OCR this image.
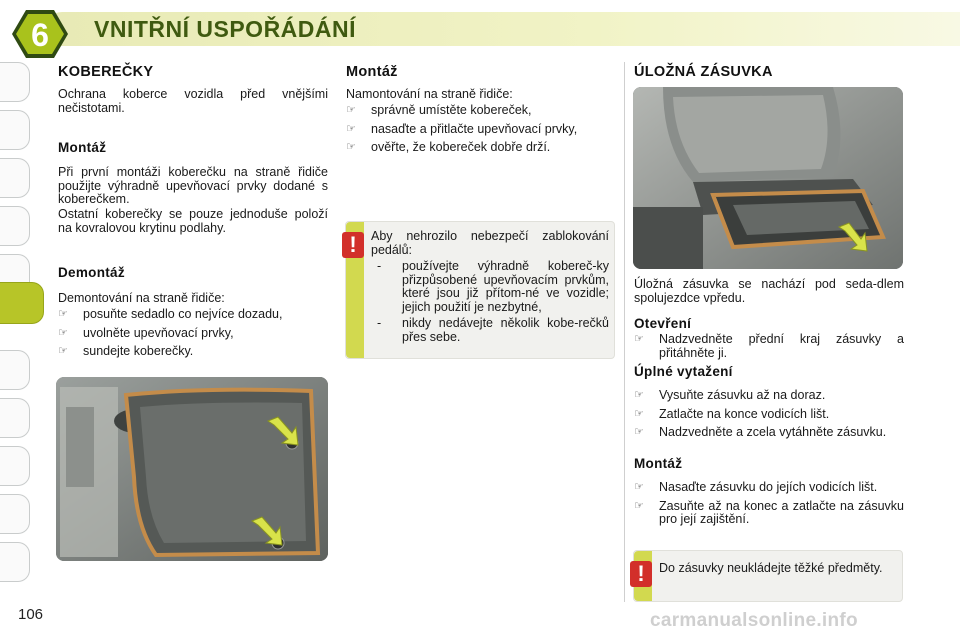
6 VNITŘNÍ USPOŘÁDÁNÍ
KOBEREČKY
Ochrana koberce vozidla před vnějšími nečistotami.
Montáž
Při první montáži koberečku na straně řidiče použijte výhradně upevňovací prvky dodané s koberečkem.
Ostatní koberečky se pouze jednoduše položí na kovralovou krytinu podlahy.
Demontáž
Demontování na straně řidiče:
☞ posuňte sedadlo co nejvíce dozadu,
☞ uvolněte upevňovací prvky,
☞ sundejte koberečky.
Montáž
Namontování na straně řidiče:
☞ správně umístěte kobereček,
☞ nasaďte a přitlačte upevňovací prvky,
☞ ověřte, že kobereček dobře drží.
!	Aby nehrozilo nebezpečí zablokování pedálů:
- používejte výhradně kobereč-ky přizpůsobené upevňovacím prvkům, které jsou již přítom-né ve vozidle; jejich použití je nezbytné,
- nikdy nedávejte několik kobe-rečků přes sebe.
ÚLOŽNÁ ZÁSUVKA
Úložná zásuvka se nachází pod seda-dlem spolujezdce vpředu.
Otevření
☞ Nadzvedněte přední kraj zásuvky a přitáhněte ji.
Úplné vytažení
☞ Vysuňte zásuvku až na doraz.
☞ Zatlačte na konce vodicích lišt.
☞ Nadzvedněte a zcela vytáhněte zásuvku.
Montáž
☞ Nasaďte zásuvku do jejích vodicích lišt.
☞ Zasuňte až na konec a zatlačte na zásuvku pro její zajištění.
!	Do zásuvky neukládejte těžké předměty.
106	carmanualsonline.info
